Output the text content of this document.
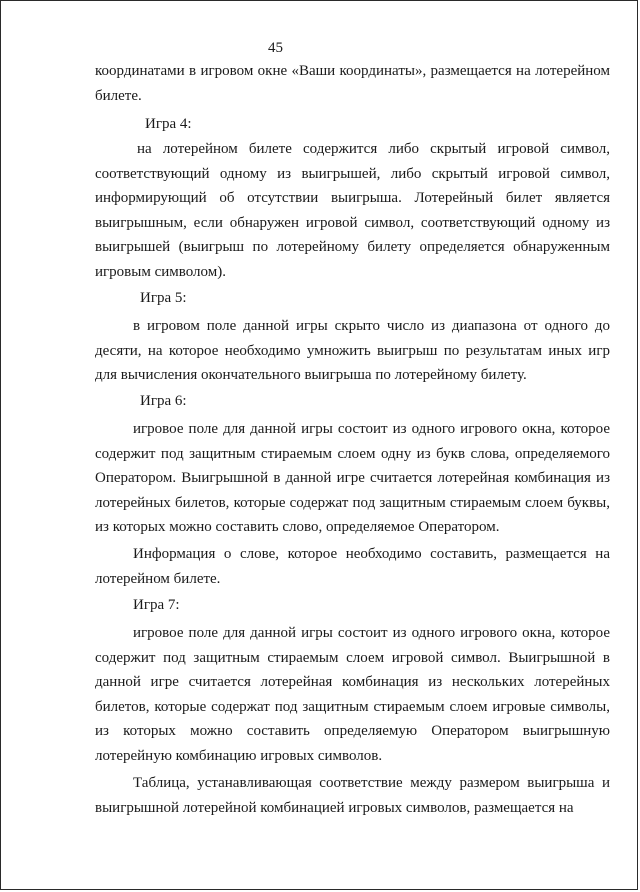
45

координатами в игровом окне «Ваши координаты», размещается на лотерейном билете.

Игра 4:

на лотерейном билете содержится либо скрытый игровой символ, соответствующий одному из выигрышей, либо скрытый игровой символ, информирующий об отсутствии выигрыша. Лотерейный билет является выигрышным, если обнаружен игровой символ, соответствующий одному из выигрышей (выигрыш по лотерейному билету определяется обнаруженным игровым символом).

Игра 5:

в игровом поле данной игры скрыто число из диапазона от одного до десяти, на которое необходимо умножить выигрыш по результатам иных игр для вычисления окончательного выигрыша по лотерейному билету.

Игра 6:

игровое поле для данной игры состоит из одного игрового окна, которое содержит под защитным стираемым слоем одну из букв слова, определяемого Оператором. Выигрышной в данной игре считается лотерейная комбинация из лотерейных билетов, которые содержат под защитным стираемым слоем буквы, из которых можно составить слово, определяемое Оператором.

Информация о слове, которое необходимо составить, размещается на лотерейном билете.

Игра 7:

игровое поле для данной игры состоит из одного игрового окна, которое содержит под защитным стираемым слоем игровой символ. Выигрышной в данной игре считается лотерейная комбинация из нескольких лотерейных билетов, которые содержат под защитным стираемым слоем игровые символы, из которых можно составить определяемую Оператором выигрышную лотерейную комбинацию игровых символов.

Таблица, устанавливающая соответствие между размером выигрыша и выигрышной лотерейной комбинацией игровых символов, размещается на
